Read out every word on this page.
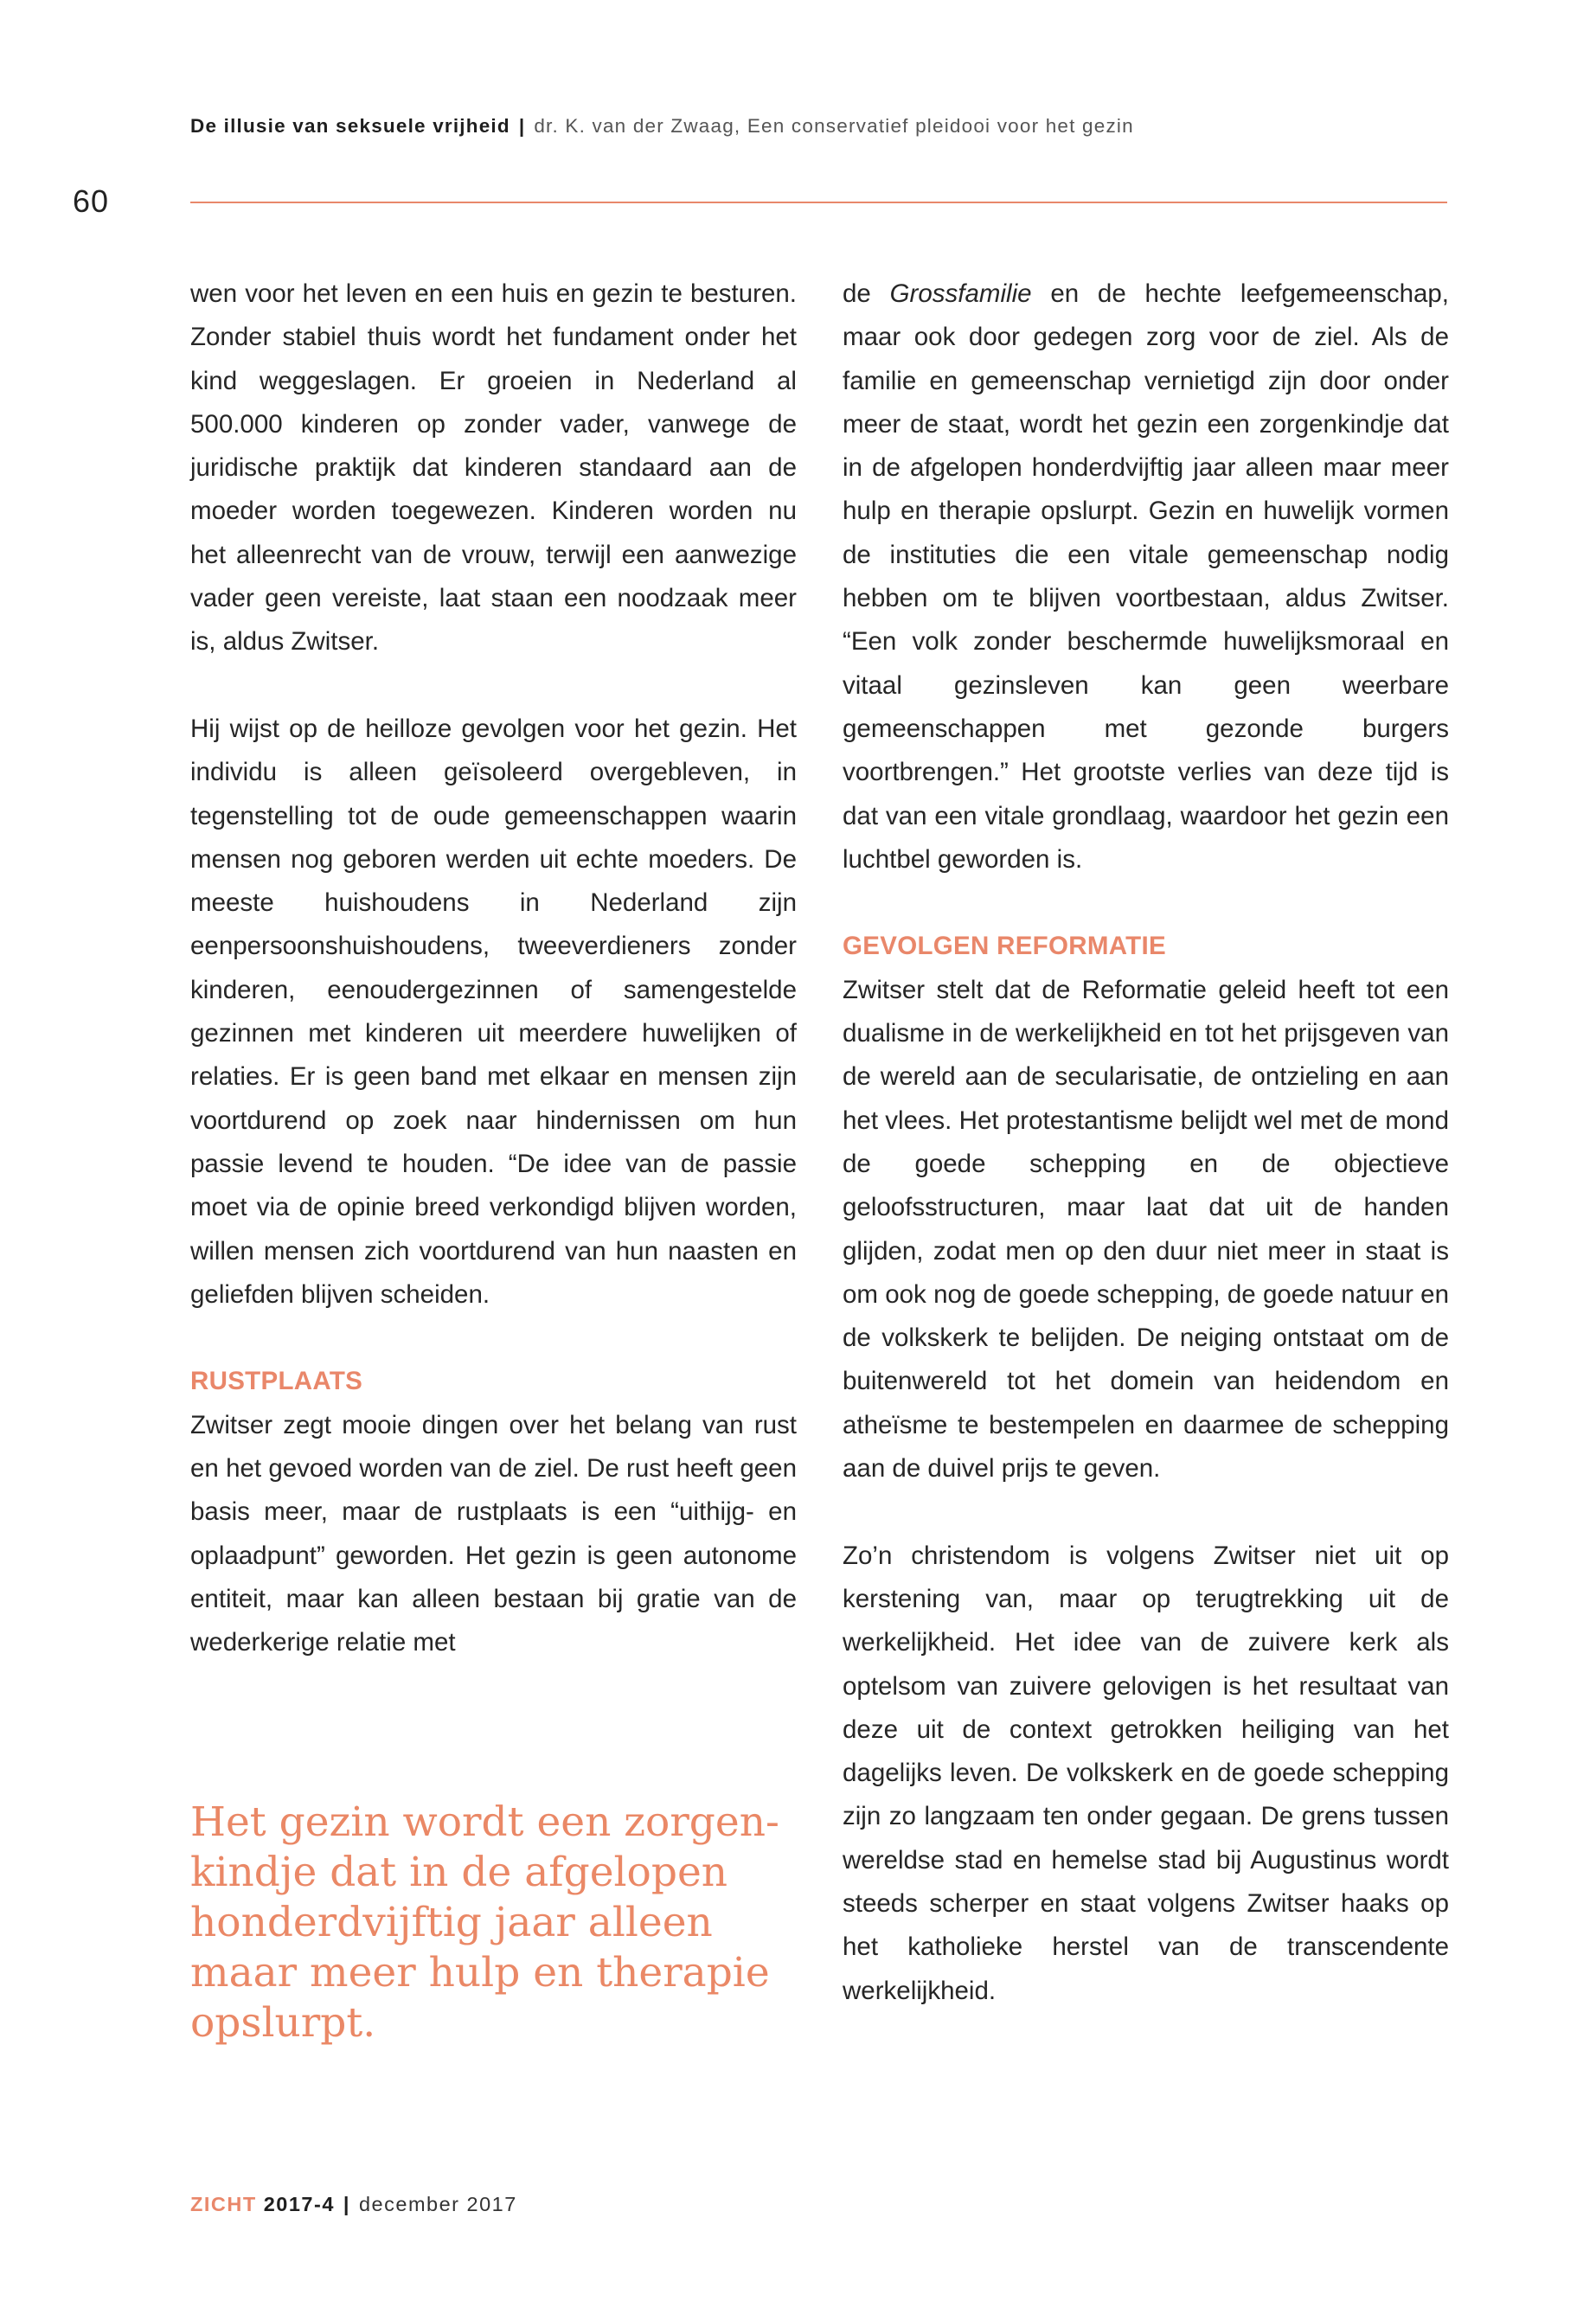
De illusie van seksuele vrijheid | dr. K. van der Zwaag, Een conservatief pleidooi voor het gezin
60

wen voor het leven en een huis en gezin te besturen. Zonder stabiel thuis wordt het fundament onder het kind weggeslagen. Er groeien in Nederland al 500.000 kinderen op zonder vader, vanwege de juridische praktijk dat kinderen standaard aan de moeder worden toegewezen. Kinderen worden nu het alleenrecht van de vrouw, terwijl een aanwezige vader geen vereiste, laat staan een noodzaak meer is, aldus Zwitser.

Hij wijst op de heilloze gevolgen voor het gezin. Het individu is alleen geïsoleerd overgebleven, in tegenstelling tot de oude gemeenschappen waarin mensen nog geboren werden uit echte moeders. De meeste huishoudens in Nederland zijn eenpersoonshuishoudens, tweeverdieners zonder kinderen, eenoudergezinnen of samengestelde gezinnen met kinderen uit meerdere huwelijken of relaties. Er is geen band met elkaar en mensen zijn voortdurend op zoek naar hindernissen om hun passie levend te houden. “De idee van de passie moet via de opinie breed verkondigd blijven worden, willen mensen zich voortdurend van hun naasten en geliefden blijven scheiden.

RUSTPLAATS

Zwitser zegt mooie dingen over het belang van rust en het gevoed worden van de ziel. De rust heeft geen basis meer, maar de rustplaats is een “uithijg- en oplaadpunt” geworden. Het gezin is geen autonome entiteit, maar kan alleen bestaan bij gratie van de wederkerige relatie met

Het gezin wordt een zorgen-
kindje dat in de afgelopen
honderdvijftig jaar alleen
maar meer hulp en therapie
opslurpt.

de Grossfamilie en de hechte leefgemeenschap, maar ook door gedegen zorg voor de ziel. Als de familie en gemeenschap vernietigd zijn door onder meer de staat, wordt het gezin een zorgenkindje dat in de afgelopen honderdvijftig jaar alleen maar meer hulp en therapie opslurpt. Gezin en huwelijk vormen de instituties die een vitale gemeenschap nodig hebben om te blijven voortbestaan, aldus Zwitser. “Een volk zonder beschermde huwelijksmoraal en vitaal gezinsleven kan geen weerbare gemeenschappen met gezonde burgers voortbrengen.” Het grootste verlies van deze tijd is dat van een vitale grondlaag, waardoor het gezin een luchtbel geworden is.

GEVOLGEN REFORMATIE

Zwitser stelt dat de Reformatie geleid heeft tot een dualisme in de werkelijkheid en tot het prijsgeven van de wereld aan de secularisatie, de ontzieling en aan het vlees. Het protestantisme belijdt wel met de mond de goede schepping en de objectieve geloofsstructuren, maar laat dat uit de handen glijden, zodat men op den duur niet meer in staat is om ook nog de goede schepping, de goede natuur en de volkskerk te belijden. De neiging ontstaat om de buitenwereld tot het domein van heidendom en atheïsme te bestempelen en daarmee de schepping aan de duivel prijs te geven.

Zo’n christendom is volgens Zwitser niet uit op kerstening van, maar op terugtrekking uit de werkelijkheid. Het idee van de zuivere kerk als optelsom van zuivere gelovigen is het resultaat van deze uit de context getrokken heiliging van het dagelijks leven. De volkskerk en de goede schepping zijn zo langzaam ten onder gegaan. De grens tussen wereldse stad en hemelse stad bij Augustinus wordt steeds scherper en staat volgens Zwitser haaks op het katholieke herstel van de transcendente werkelijkheid.

ZICHT 2017-4 | december 2017
